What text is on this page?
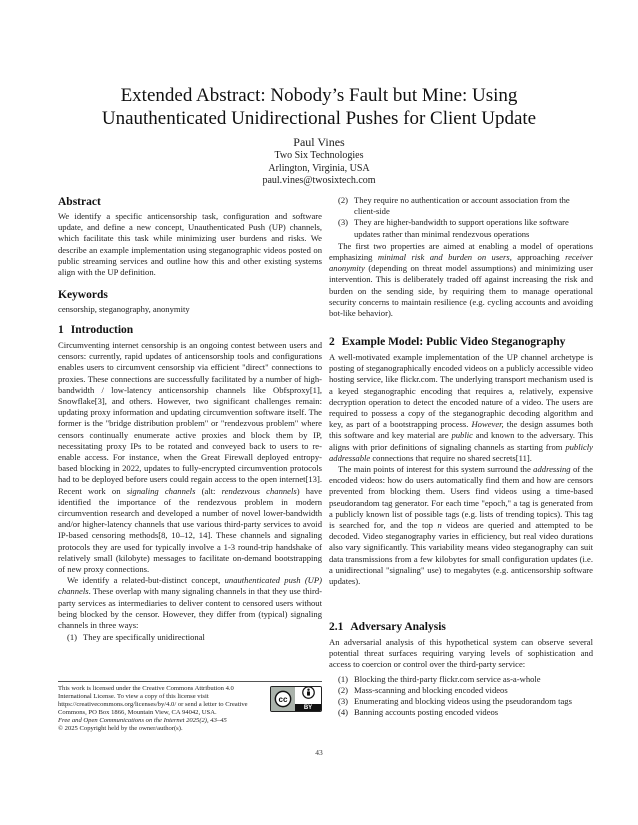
Extended Abstract: Nobody’s Fault but Mine: Using
Unauthenticated Unidirectional Pushes for Client Update
Paul Vines
Two Six Technologies
Arlington, Virginia, USA
paul.vines@twosixtech.com
Abstract

We identify a specific anticensorship task, configuration and software update, and define a new concept, Unauthenticated Push (UP) channels, which facilitate this task while minimizing user burdens and risks. We describe an example implementation using steganographic videos posted on public streaming services and outline how this and other existing systems align with the UP definition.

Keywords

censorship, steganography, anonymity

1 Introduction

Circumventing internet censorship is an ongoing contest between users and censors: currently, rapid updates of anticensorship tools and configurations enables users to circumvent censorship via efficient "direct" connections to proxies. These connections are successfully facilitated by a number of high-bandwidth / low-latency anticensorship channels like Obfsproxy[1], Snowflake[3], and others. However, two significant challenges remain: updating proxy information and updating circumvention software itself. The former is the "bridge distribution problem" or "rendezvous problem" where censors continually enumerate active proxies and block them by IP, necessitating proxy IPs to be rotated and conveyed back to users to re-enable access. For instance, when the Great Firewall deployed entropy-based blocking in 2022, updates to fully-encrypted circumvention protocols had to be deployed before users could regain access to the open internet[13]. Recent work on signaling channels (alt: rendezvous channels) have identified the importance of the rendezvous problem in modern circumvention research and developed a number of novel lower-bandwidth and/or higher-latency channels that use various third-party services to avoid IP-based censoring methods[8, 10–12, 14]. These channels and signaling protocols they are used for typically involve a 1-3 round-trip handshake of relatively small (kilobyte) messages to facilitate on-demand bootstrapping of new proxy connections.

We identify a related-but-distinct concept, unauthenticated push (UP) channels. These overlap with many signaling channels in that they use third-party services as intermediaries to deliver content to censored users without being blocked by the censor. However, they differ from (typical) signaling channels in three ways:

(1) They are specifically unidirectional
This work is licensed under the Creative Commons Attribution 4.0 International License. To view a copy of this license visit https://creativecommons.org/licenses/by/4.0/ or send a letter to Creative Commons, PO Box 1866, Mountain View, CA 94042, USA.
cc
BY
Free and Open Communications on the Internet 2025(2), 43–45
© 2025 Copyright held by the owner/author(s).
(2) They require no authentication or account association from the client-side
(3) They are higher-bandwidth to support operations like software updates rather than minimal rendezvous operations

The first two properties are aimed at enabling a model of operations emphasizing minimal risk and burden on users, approaching receiver anonymity (depending on threat model assumptions) and minimizing user intervention. This is deliberately traded off against increasing the risk and burden on the sending side, by requiring them to manage operational security concerns to maintain resilience (e.g. cycling accounts and avoiding bot-like behavior).

2 Example Model: Public Video Steganography

A well-motivated example implementation of the UP channel archetype is posting of steganographically encoded videos on a publicly accessible video hosting service, like flickr.com. The underlying transport mechanism used is a keyed steganographic encoding that requires a, relatively, expensive decryption operation to detect the encoded nature of a video. The users are required to possess a copy of the steganographic decoding algorithm and key, as part of a bootstrapping process. However, the design assumes both this software and key material are public and known to the adversary. This aligns with prior definitions of signaling channels as starting from publicly addressable connections that require no shared secrets[11].

The main points of interest for this system surround the addressing of the encoded videos: how do users automatically find them and how are censors prevented from blocking them. Users find videos using a time-based pseudorandom tag generator. For each time "epoch," a tag is generated from a publicly known list of possible tags (e.g. lists of trending topics). This tag is searched for, and the top n videos are queried and attempted to be decoded. Video steganography varies in efficiency, but real video durations also vary significantly. This variability means video steganography can suit data transmissions from a few kilobytes for small configuration updates (i.e. a unidirectional "signaling" use) to megabytes (e.g. anticensorship software updates).

2.1 Adversary Analysis

An adversarial analysis of this hypothetical system can observe several potential threat surfaces requiring varying levels of sophistication and access to coercion or control over the third-party service:

(1) Blocking the third-party flickr.com service as-a-whole
(2) Mass-scanning and blocking encoded videos
(3) Enumerating and blocking videos using the pseudorandom tags
(4) Banning accounts posting encoded videos
43
